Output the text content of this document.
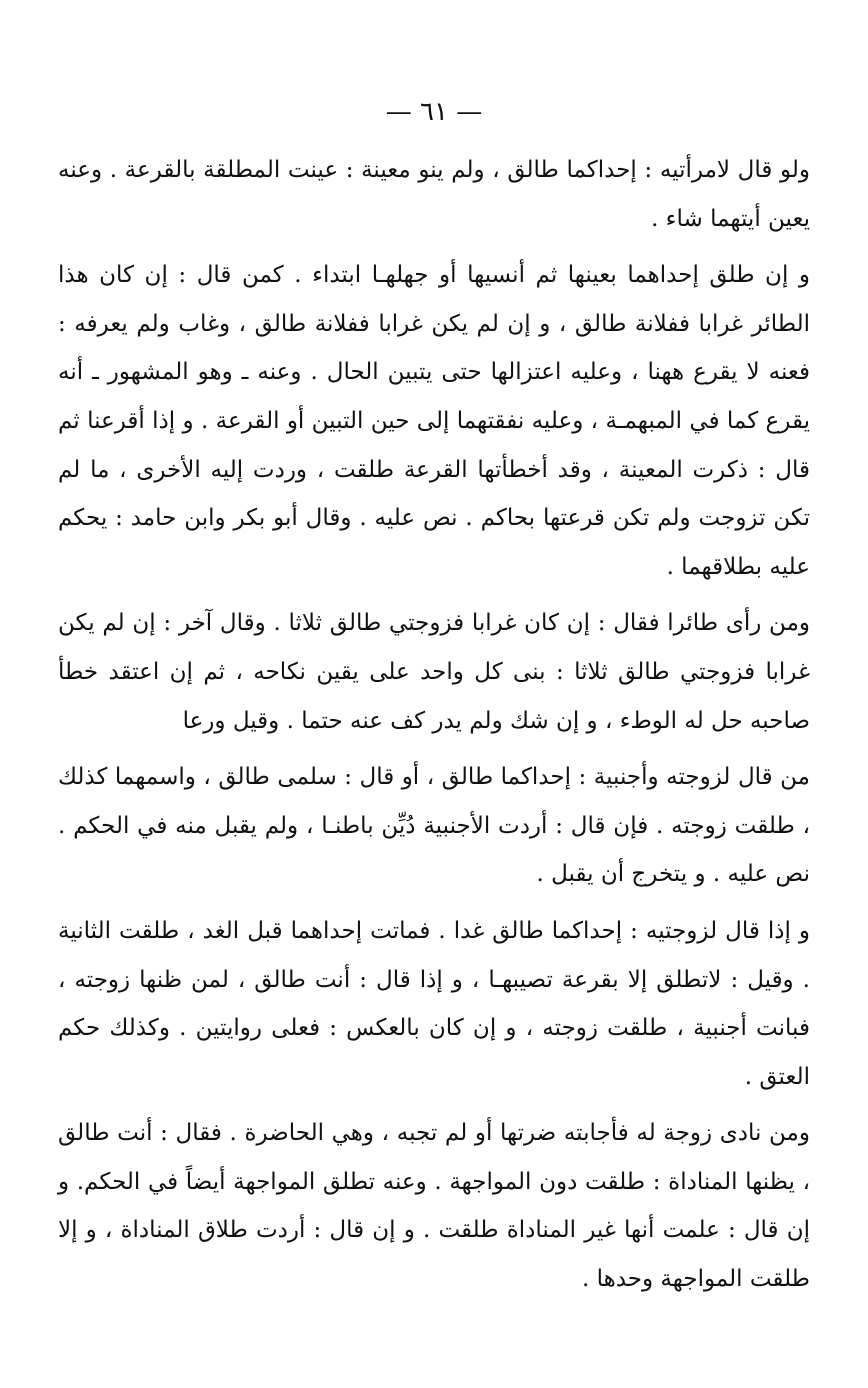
— ٦١ —

ولو قال لامرأتيه : إحداكما طالق ، ولم ينو معينة : عينت المطلقة بالقرعة . وعنه يعين أيتهما شاء .

و إن طلق إحداهما بعينها ثم أنسيها أو جهلهـا ابتداء . كمن قال : إن كان هذا الطائر غرابا ففلانة طالق ، و إن لم يكن غرابا ففلانة طالق ، وغاب ولم يعرفه : فعنه لا يقرع ههنا ، وعليه اعتزالها حتى يتبين الحال . وعنه ـ وهو المشهور ـ أنه يقرع كما في المبهمـة ، وعليه نفقتهما إلى حين التبين أو القرعة . و إذا أقرعنا ثم قال : ذكرت المعينة ، وقد أخطأتها القرعة طلقت ، وردت إليه الأخرى ، ما لم تكن تزوجت ولم تكن قرعتها بحاكم . نص عليه . وقال أبو بكر وابن حامد : يحكم عليه بطلاقهما .

ومن رأى طائرا فقال : إن كان غرابا فزوجتي طالق ثلاثا . وقال آخر : إن لم يكن غرابا فزوجتي طالق ثلاثا : بنى كل واحد على يقين نكاحه ، ثم إن اعتقد خطأ صاحبه حل له الوطء ، و إن شك ولم يدر كف عنه حتما . وقيل ورعا

من قال لزوجته وأجنبية : إحداكما طالق ، أو قال : سلمى طالق ، واسمهما كذلك ، طلقت زوجته . فإن قال : أردت الأجنبية دُيِّن باطنـا ، ولم يقبل منه في الحكم . نص عليه . و يتخرج أن يقبل .

و إذا قال لزوجتيه : إحداكما طالق غدا . فماتت إحداهما قبل الغد ، طلقت الثانية . وقيل : لاتطلق إلا بقرعة تصيبهـا ، و إذا قال : أنت طالق ، لمن ظنها زوجته ، فبانت أجنبية ، طلقت زوجته ، و إن كان بالعكس : فعلى روايتين . وكذلك حكم العتق .

ومن نادى زوجة له فأجابته ضرتها أو لم تجبه ، وهي الحاضرة . فقال : أنت طالق ، يظنها المناداة : طلقت دون المواجهة . وعنه تطلق المواجهة أيضاً في الحكم. و إن قال : علمت أنها غير المناداة طلقت . و إن قال : أردت طلاق المناداة ، و إلا طلقت المواجهة وحدها .
